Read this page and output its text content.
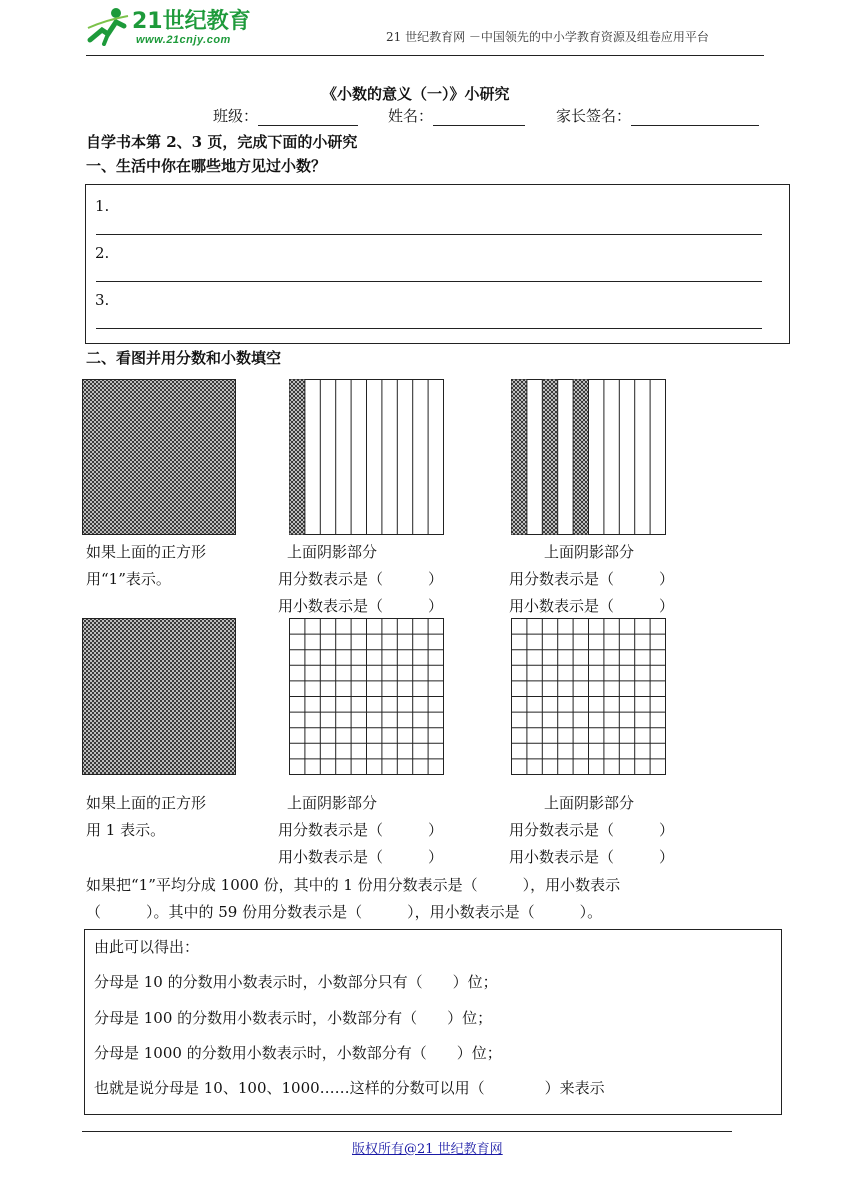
21世纪教育
www.21cnjy.com	21 世纪教育网 －中国领先的中小学教育资源及组卷应用平台
《小数的意义（一）》小研究
班级：	姓名：	家长签名：
自学书本第 2、3 页，完成下面的小研究
一、生活中你在哪些地方见过小数？
1.
2.
3.
二、看图并用分数和小数填空
如果上面的正方形
用“1”表示。
上面阴影部分
用分数表示是（　　　）
用小数表示是（　　　）
上面阴影部分
用分数表示是（　　　）
用小数表示是（　　　）
如果上面的正方形
用 1 表示。
上面阴影部分
用分数表示是（　　　）
用小数表示是（　　　）
上面阴影部分
用分数表示是（　　　）
用小数表示是（　　　）
如果把“1”平均分成 1000 份，其中的 1 份用分数表示是（　　　），用小数表示
（　　　）。其中的 59 份用分数表示是（　　　），用小数表示是（　　　）。
由此可以得出：
分母是 10 的分数用小数表示时，小数部分只有（　　）位；
分母是 100 的分数用小数表示时，小数部分有（　　）位；
分母是 1000 的分数用小数表示时，小数部分有（　　）位；
也就是说分母是 10、100、1000……这样的分数可以用（　　　　）来表示
版权所有@21 世纪教育网
